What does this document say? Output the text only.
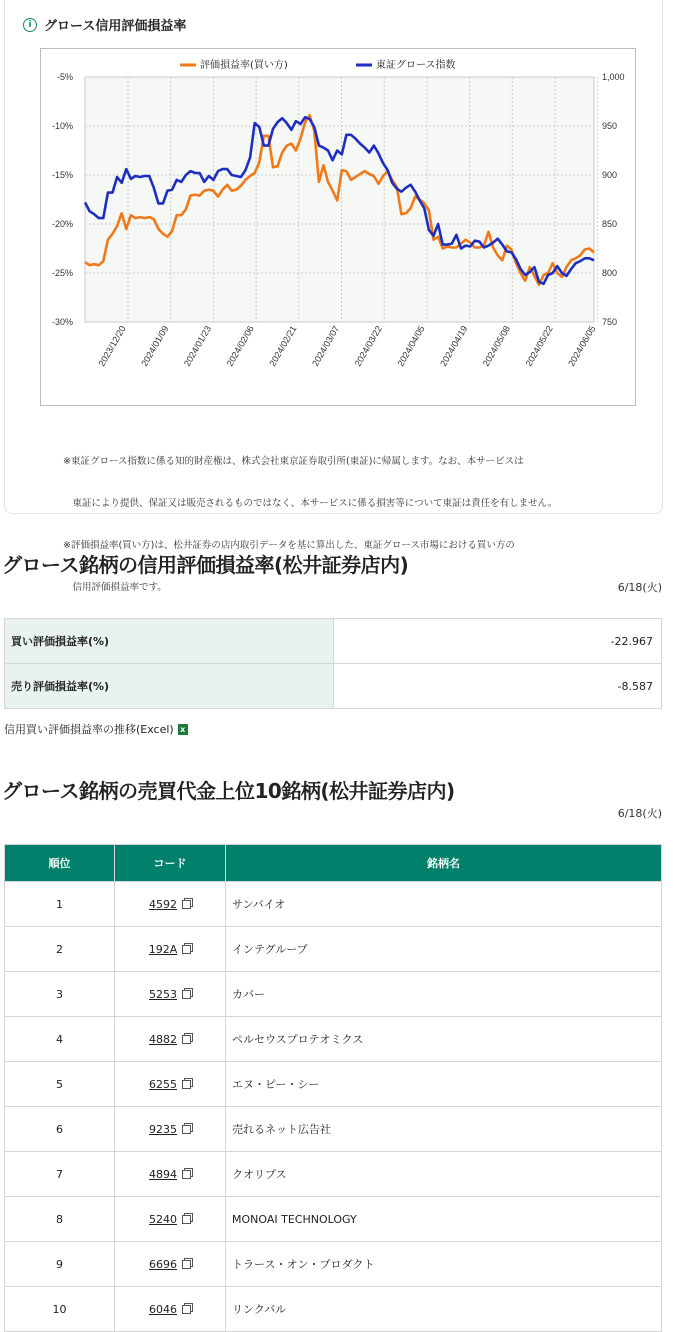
i グロース信用評価損益率
-5%	1,000
-10%	950
-15%	900
-20%	850
-25%	800
-30%	750
2023/12/20 2024/01/09 2024/01/23 2024/02/06 2024/02/21 2024/03/07 2024/03/22 2024/04/05 2024/04/19 2024/05/08 2024/05/22 2024/06/05
評価損益率(買い方)	東証グロース指数

※東証グロース指数に係る知的財産権は、株式会社東京証券取引所(東証)に帰属します。なお、本サービスは

　東証により提供、保証又は販売されるものではなく、本サービスに係る損害等について東証は責任を有しません。

※評価損益率(買い方)は、松井証券の店内取引データを基に算出した、東証グロース市場における買い方の

　信用評価損益率です。

グロース銘柄の信用評価損益率(松井証券店内)
6/18(火)
買い評価損益率(%)	-22.967
売り評価損益率(%)	-8.587
信用買い評価損益率の推移(Excel) x
グロース銘柄の売買代金上位10銘柄(松井証券店内)
6/18(火)
順位	コード	銘柄名
1	4592	サンバイオ
2	192A	インテグループ
3	5253	カバー
4	4882	ペルセウスプロテオミクス
5	6255	エヌ・ピー・シー
6	9235	売れるネット広告社
7	4894	クオリプス
8	5240	MONOAI TECHNOLOGY
9	6696	トラース・オン・プロダクト
10	6046	リンクバル
